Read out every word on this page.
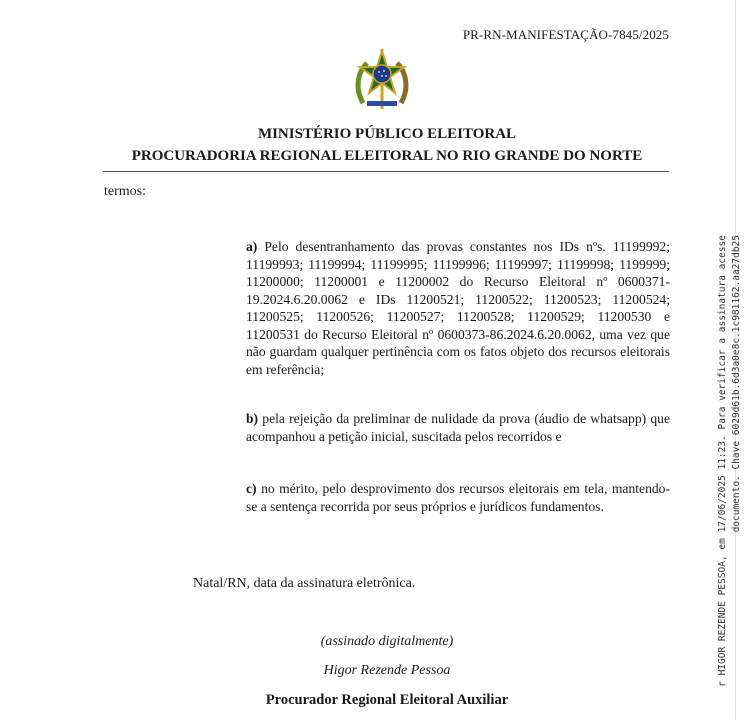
PR-RN-MANIFESTAÇÃO-7845/2025
MINISTÉRIO PÚBLICO ELEITORAL
PROCURADORIA REGIONAL ELEITORAL NO RIO GRANDE DO NORTE
termos:

a) Pelo desentranhamento das provas constantes nos IDs nºs. 11199992; 11199993; 11199994; 11199995; 11199996; 11199997; 11199998; 1199999; 11200000; 11200001 e 11200002 do Recurso Eleitoral nº 0600371-19.2024.6.20.0062 e IDs 11200521; 11200522; 11200523; 11200524; 11200525; 11200526; 11200527; 11200528; 11200529; 11200530 e 11200531 do Recurso Eleitoral nº 0600373-86.2024.6.20.0062, uma vez que não guardam qualquer pertinência com os fatos objeto dos recursos eleitorais em referência;

b) pela rejeição da preliminar de nulidade da prova (áudio de whatsapp) que acompanhou a petição inicial, suscitada pelos recorridos e

c) no mérito, pelo desprovimento dos recursos eleitorais em tela, mantendo-se a sentença recorrida por seus próprios e jurídicos fundamentos.

Natal/RN, data da assinatura eletrônica.
(assinado digitalmente)
Higor Rezende Pessoa
Procurador Regional Eleitoral Auxiliar
r HIGOR REZENDE PESSOA, em 17/06/2025 11:23. Para verificar a assinatura acesse documento. Chave 6029d61b.6d3a0e8c.1c981162.aa27db25
